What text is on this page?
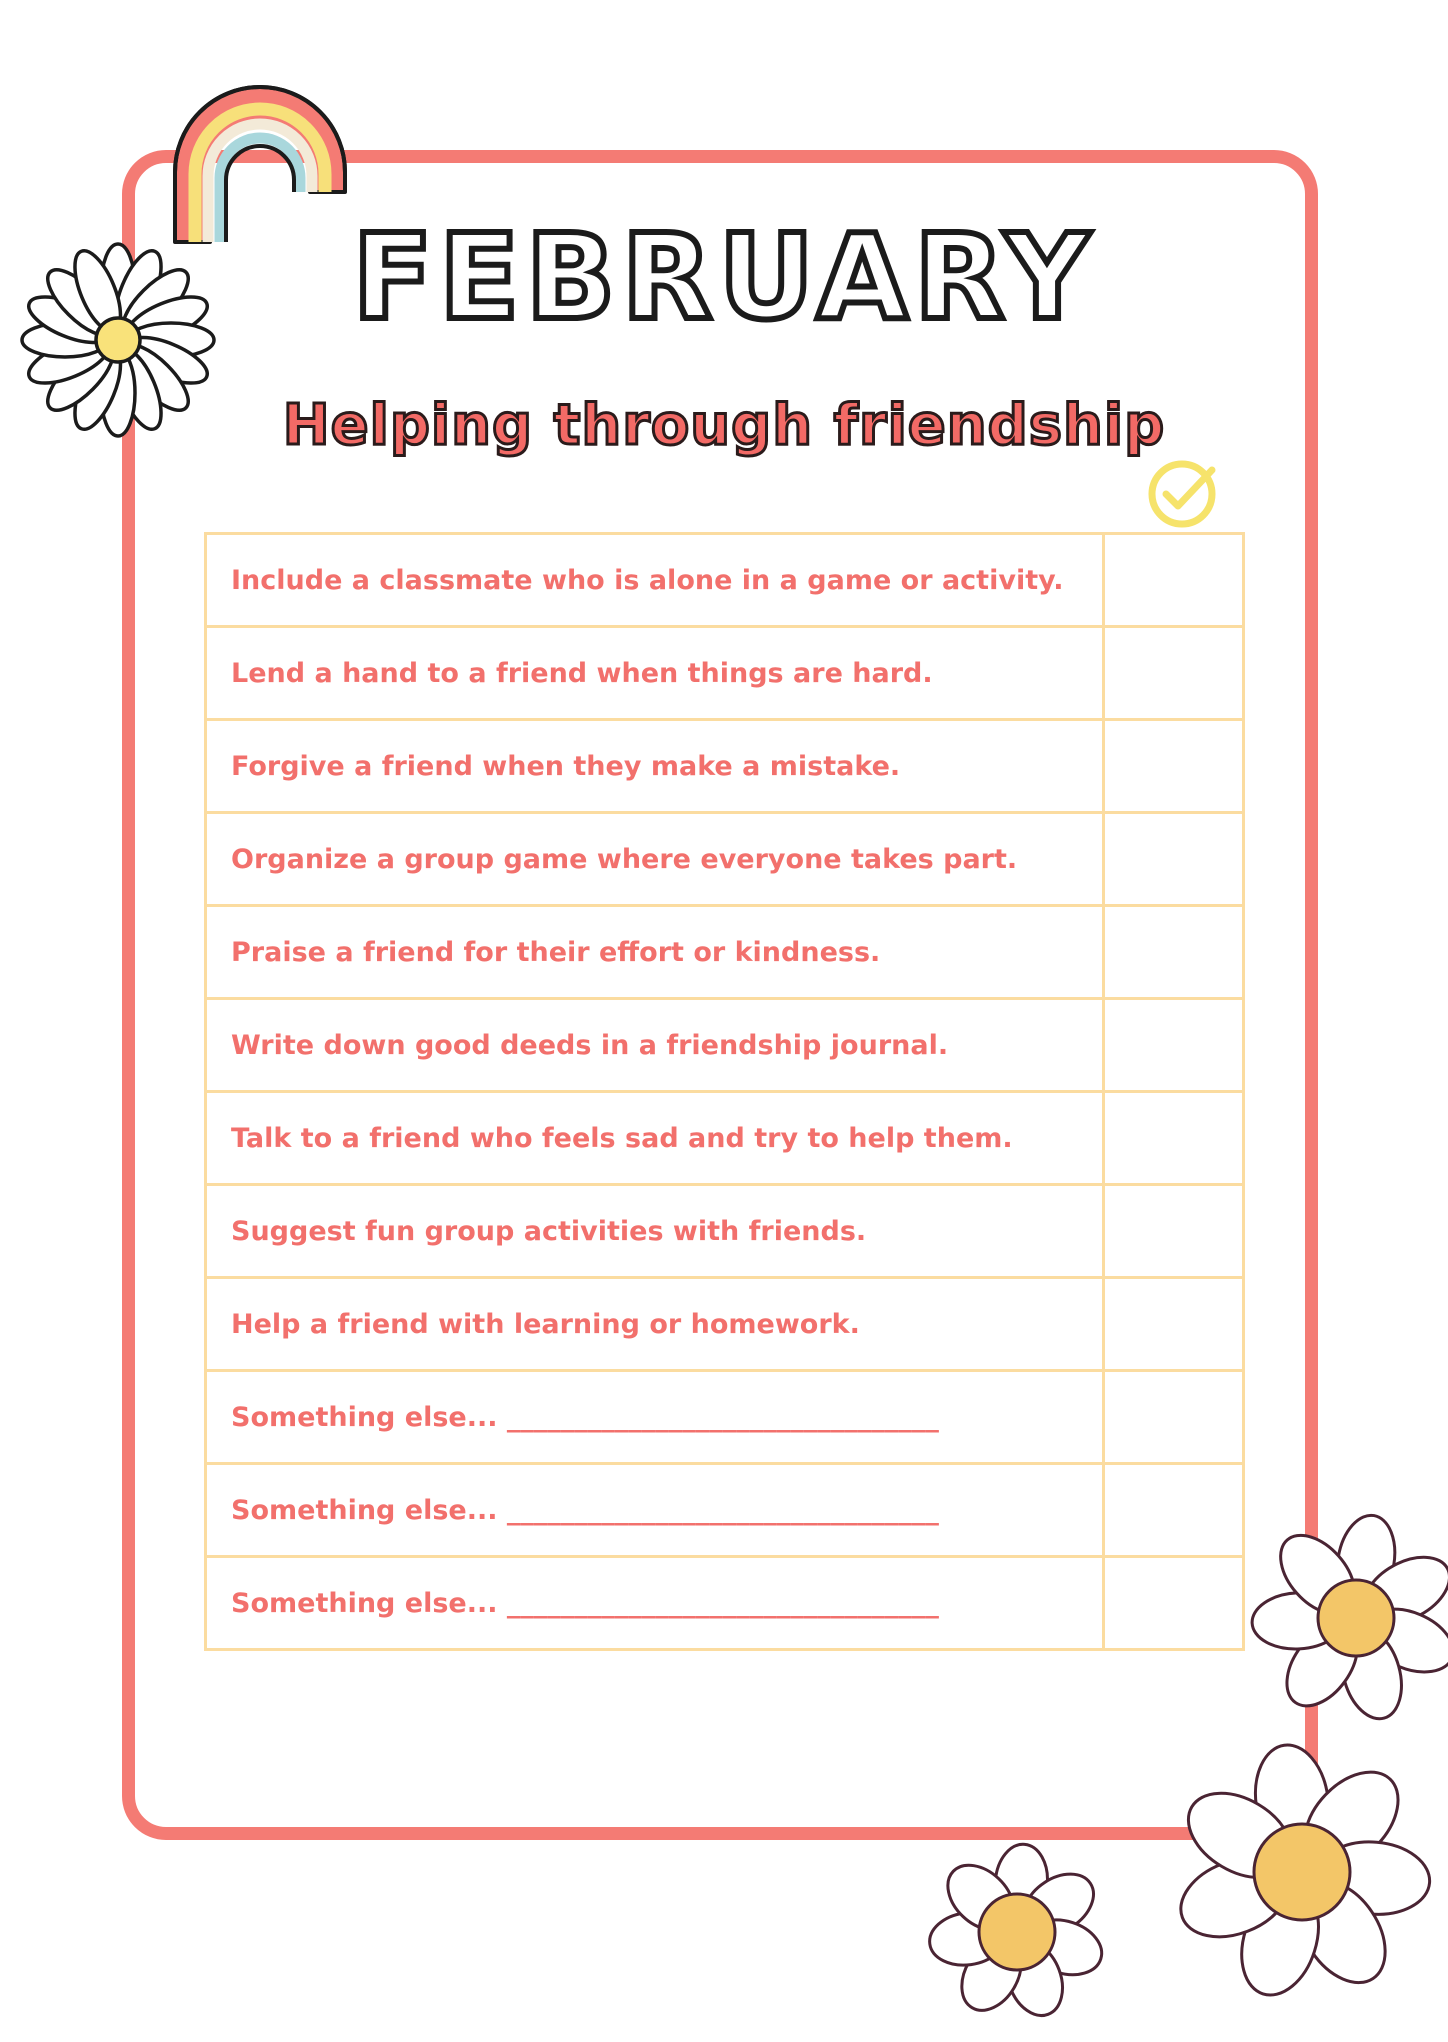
FEBRUARY
Helping through friendship
Include a classmate who is alone in a game or activity.	
Lend a hand to a friend when things are hard.	
Forgive a friend when they make a mistake.	
Organize a group game where everyone takes part.	
Praise a friend for their effort or kindness.	
Write down good deeds in a friendship journal.	
Talk to a friend who feels sad and try to help them.	
Suggest fun group activities with friends.	
Help a friend with learning or homework.	
Something else... ________________________________	
Something else... ________________________________	
Something else... ________________________________	
